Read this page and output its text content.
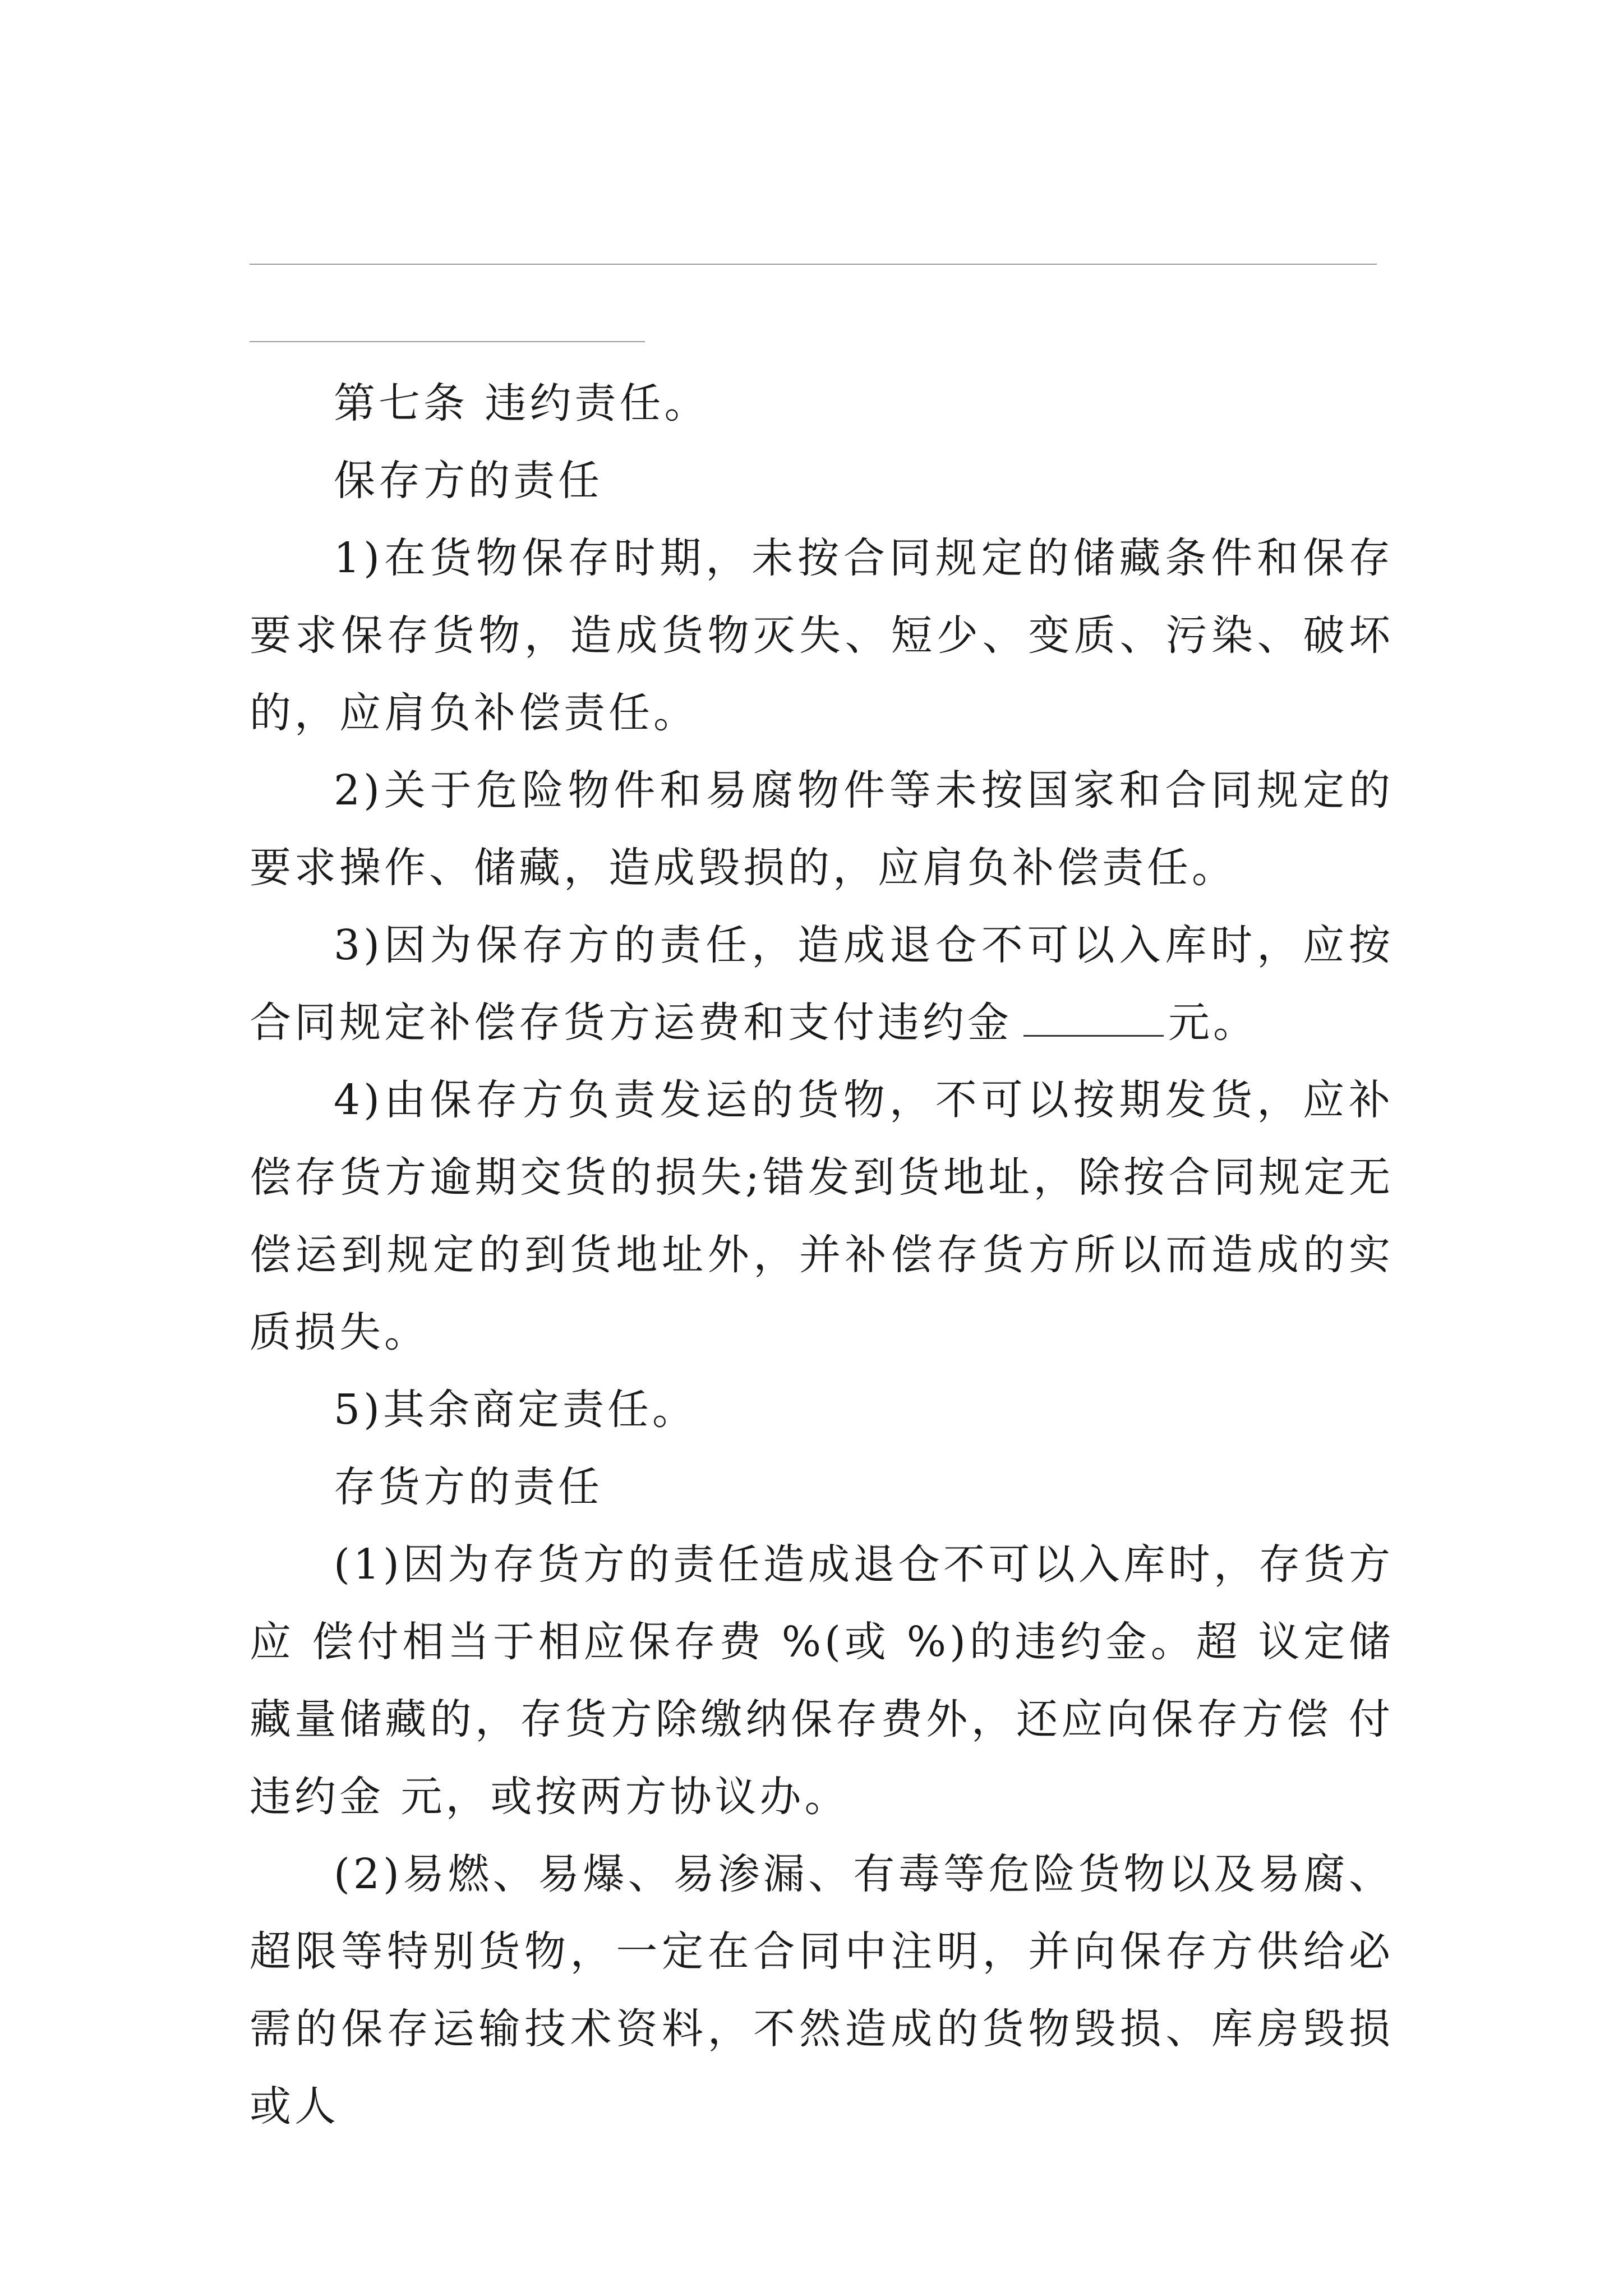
第七条 违约责任。

保存方的责任

1)在货物保存时期，未按合同规定的储藏条件和保存要求保存货物，造成货物灭失、短少、变质、污染、破坏的，应肩负补偿责任。

2)关于危险物件和易腐物件等未按国家和合同规定的要求操作、储藏，造成毁损的，应肩负补偿责任。

3)因为保存方的责任，造成退仓不可以入库时，应按合同规定补偿存货方运费和支付违约金	元。

4)由保存方负责发运的货物，不可以按期发货，应补偿存货方逾期交货的损失;错发到货地址，除按合同规定无偿运到规定的到货地址外，并补偿存货方所以而造成的实质损失。

5)其余商定责任。

存货方的责任

(1)因为存货方的责任造成退仓不可以入库时，存货方应 偿付相当于相应保存费 %(或 %)的违约金。超 议定储藏量储藏的，存货方除缴纳保存费外，还应向保存方偿 付违约金 元，或按两方协议办。

(2)易燃、易爆、易渗漏、有毒等危险货物以及易腐、超限等特别货物，一定在合同中注明，并向保存方供给必需的保存运输技术资料，不然造成的货物毁损、库房毁损或人
